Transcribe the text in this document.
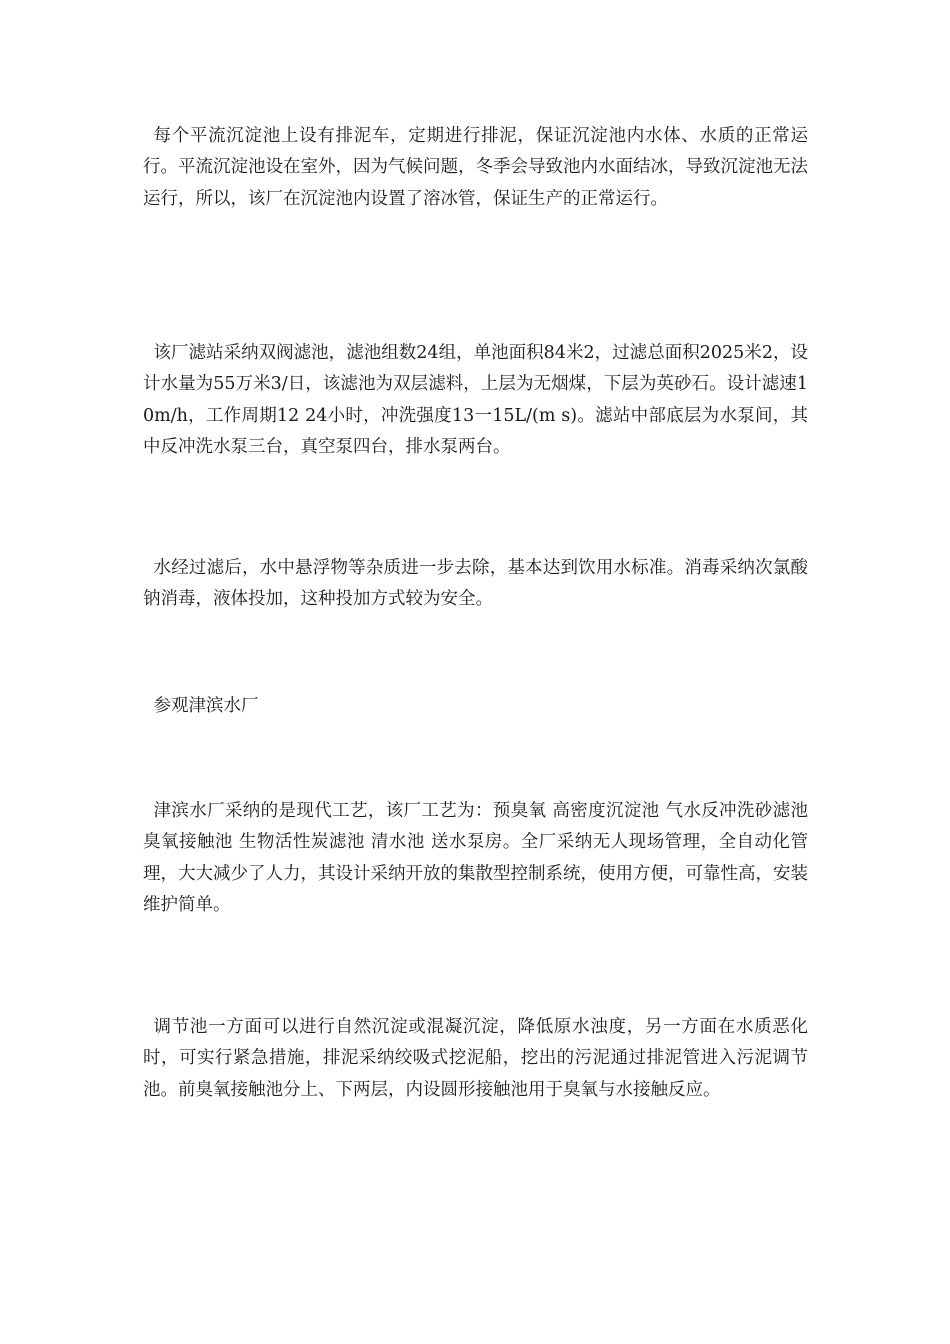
每个平流沉淀池上设有排泥车，定期进行排泥，保证沉淀池内水体、水质的正常运行。平流沉淀池设在室外，因为气候问题，冬季会导致池内水面结冰，导致沉淀池无法运行，所以，该厂在沉淀池内设置了溶冰管，保证生产的正常运行。

该厂滤站采纳双阀滤池，滤池组数24组，单池面积84米2，过滤总面积2025米2，设计水量为55万米3/日，该滤池为双层滤料，上层为无烟煤，下层为英砂石。设计滤速10m/h，工作周期12 24小时，冲洗强度13一15L/(m s)。滤站中部底层为水泵间，其中反冲洗水泵三台，真空泵四台，排水泵两台。

水经过滤后，水中悬浮物等杂质进一步去除，基本达到饮用水标准。消毒采纳次氯酸钠消毒，液体投加，这种投加方式较为安全。

参观津滨水厂

津滨水厂采纳的是现代工艺，该厂工艺为：预臭氧 高密度沉淀池 气水反冲洗砂滤池 臭氧接触池 生物活性炭滤池 清水池 送水泵房。全厂采纳无人现场管理，全自动化管理，大大减少了人力，其设计采纳开放的集散型控制系统，使用方便，可靠性高，安装维护简单。

调节池一方面可以进行自然沉淀或混凝沉淀，降低原水浊度，另一方面在水质恶化时，可实行紧急措施，排泥采纳绞吸式挖泥船，挖出的污泥通过排泥管进入污泥调节池。前臭氧接触池分上、下两层，内设圆形接触池用于臭氧与水接触反应。
